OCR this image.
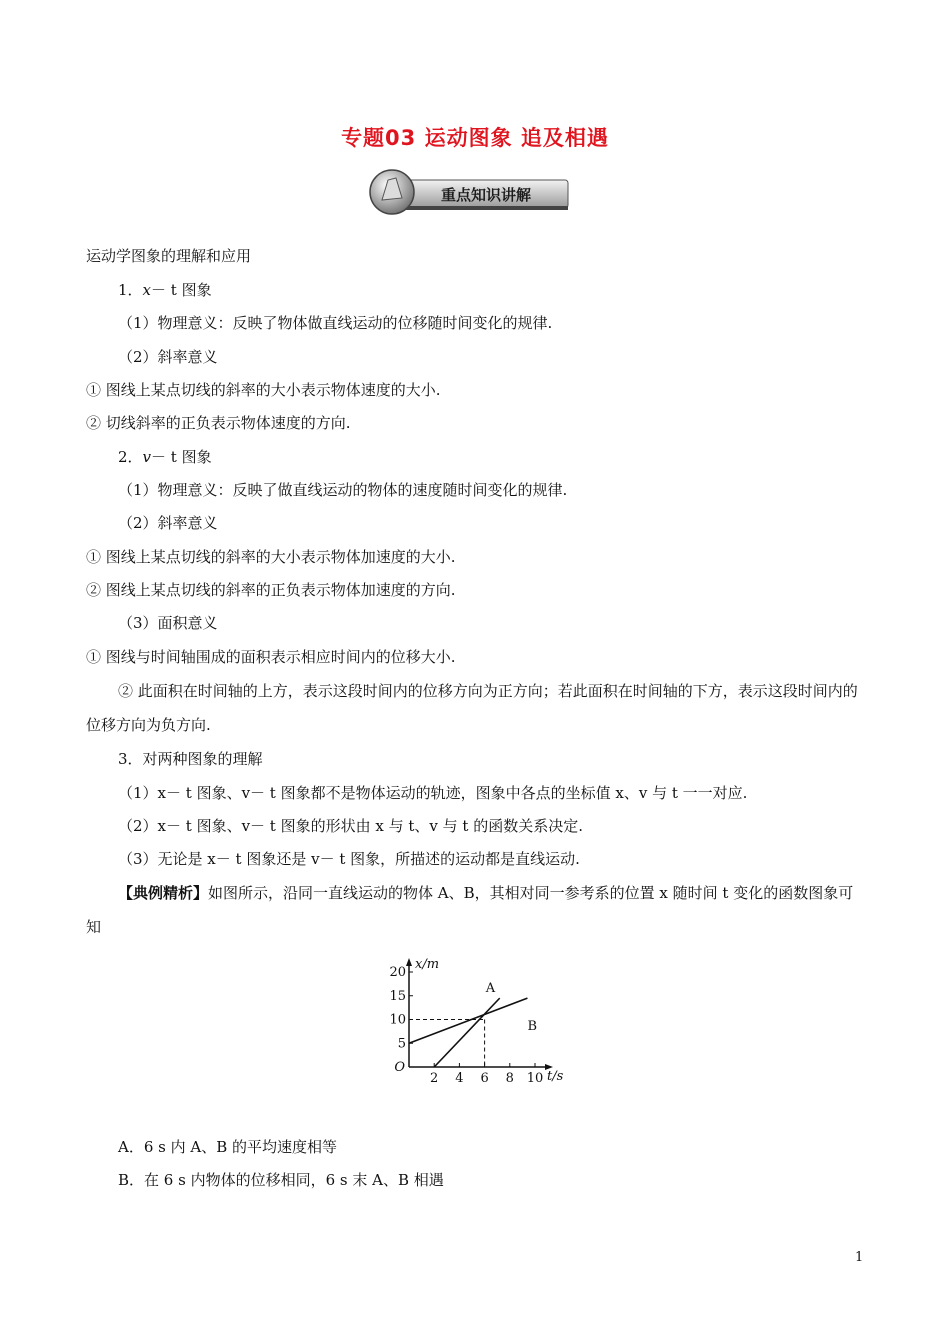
专题03 运动图象 追及相遇
重点知识讲解
运动学图象的理解和应用
1．x－ t 图象
（1）物理意义：反映了物体做直线运动的位移随时间变化的规律.
（2）斜率意义
① 图线上某点切线的斜率的大小表示物体速度的大小.
② 切线斜率的正负表示物体速度的方向.
2．v－ t 图象
（1）物理意义：反映了做直线运动的物体的速度随时间变化的规律.
（2）斜率意义
① 图线上某点切线的斜率的大小表示物体加速度的大小.
② 图线上某点切线的斜率的正负表示物体加速度的方向.
（3）面积意义
① 图线与时间轴围成的面积表示相应时间内的位移大小.
② 此面积在时间轴的上方，表示这段时间内的位移方向为正方向；若此面积在时间轴的下方，表示这段时间内的位移方向为负方向.
3．对两种图象的理解
（1）x－ t 图象、v－ t 图象都不是物体运动的轨迹，图象中各点的坐标值 x、v 与 t 一一对应.
（2）x－ t 图象、v－ t 图象的形状由 x 与 t、v 与 t 的函数关系决定.
（3）无论是 x－ t 图象还是 v－ t 图象，所描述的运动都是直线运动.
【典例精析】如图所示，沿同一直线运动的物体 A、B，其相对同一参考系的位置 x 随时间 t 变化的函数图象可知
2 4 6 8 10
5
10
15
20
O
t/s
x/m
A
B
A．6 s 内 A、B 的平均速度相等
B．在 6 s 内物体的位移相同，6 s 末 A、B 相遇
1
